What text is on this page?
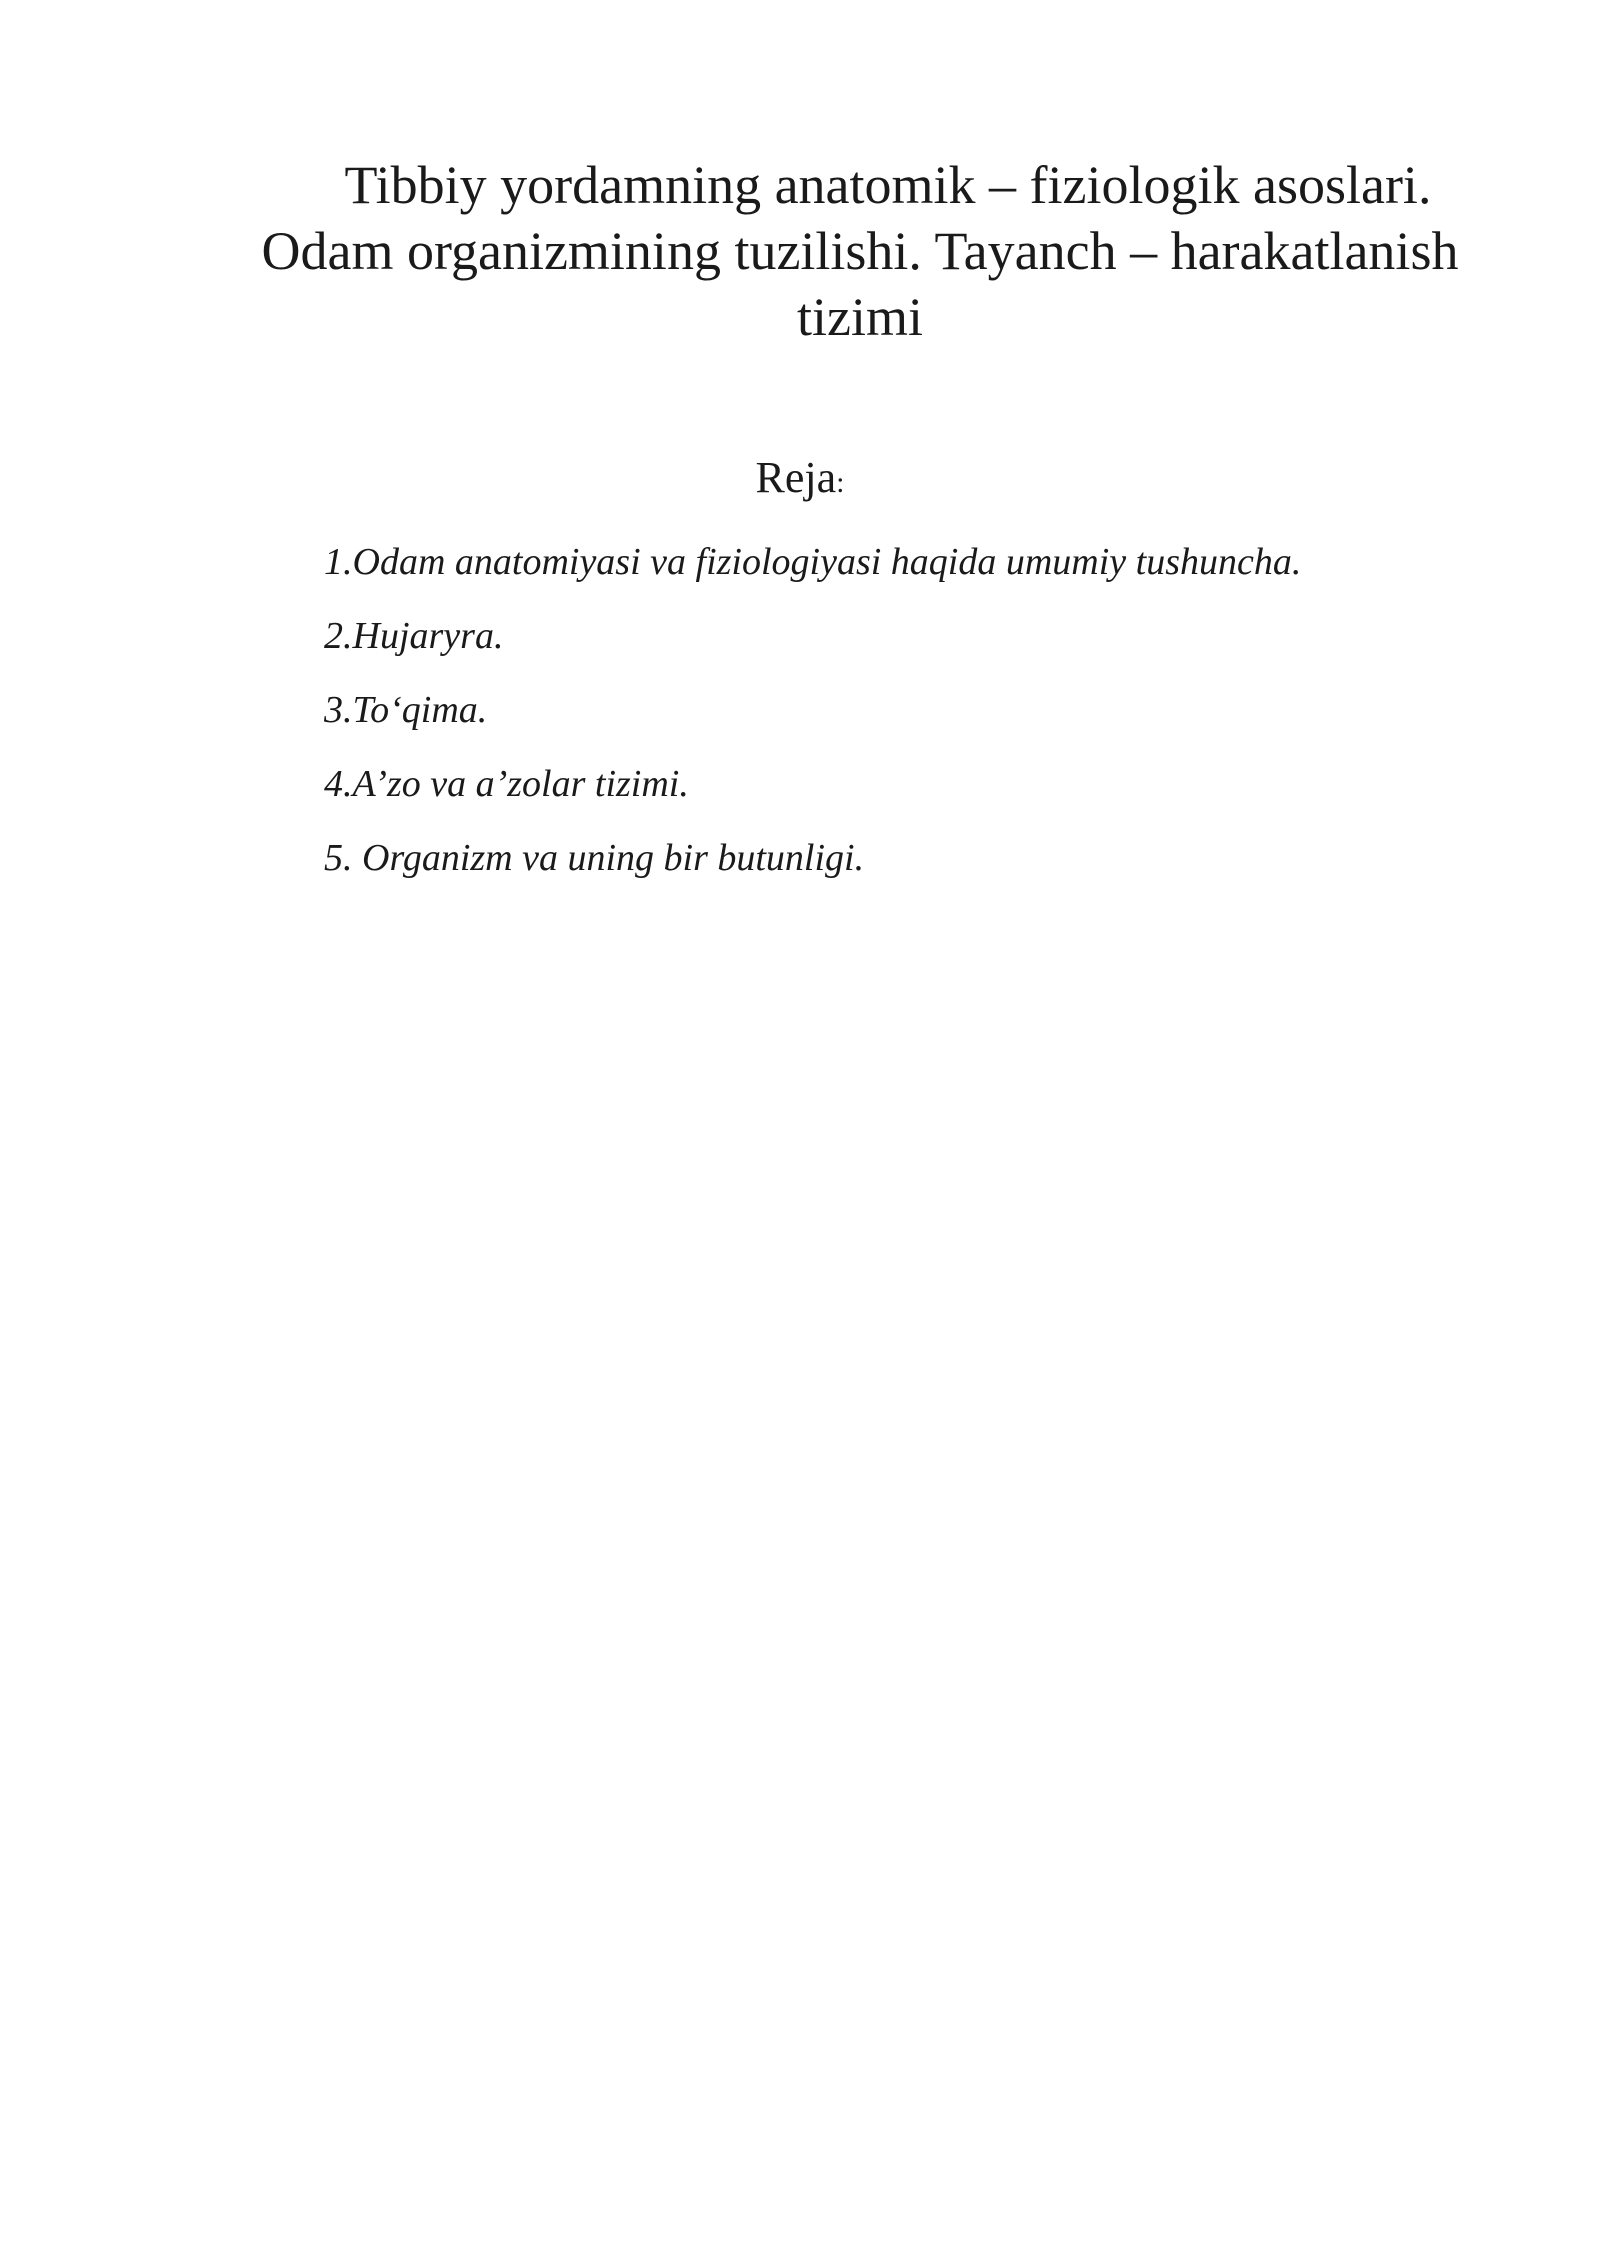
Tibbiy yordamning anatomik – fiziologik asoslari. Odam organizmining tuzilishi. Tayanch – harakatlanish tizimi
Reja:
1.Odam anatomiyasi va fiziologiyasi haqida umumiy tushuncha.
2.Hujaryra.
3.To‘qima.
4.A’zo va a’zolar tizimi.
5. Organizm va uning bir butunligi.
